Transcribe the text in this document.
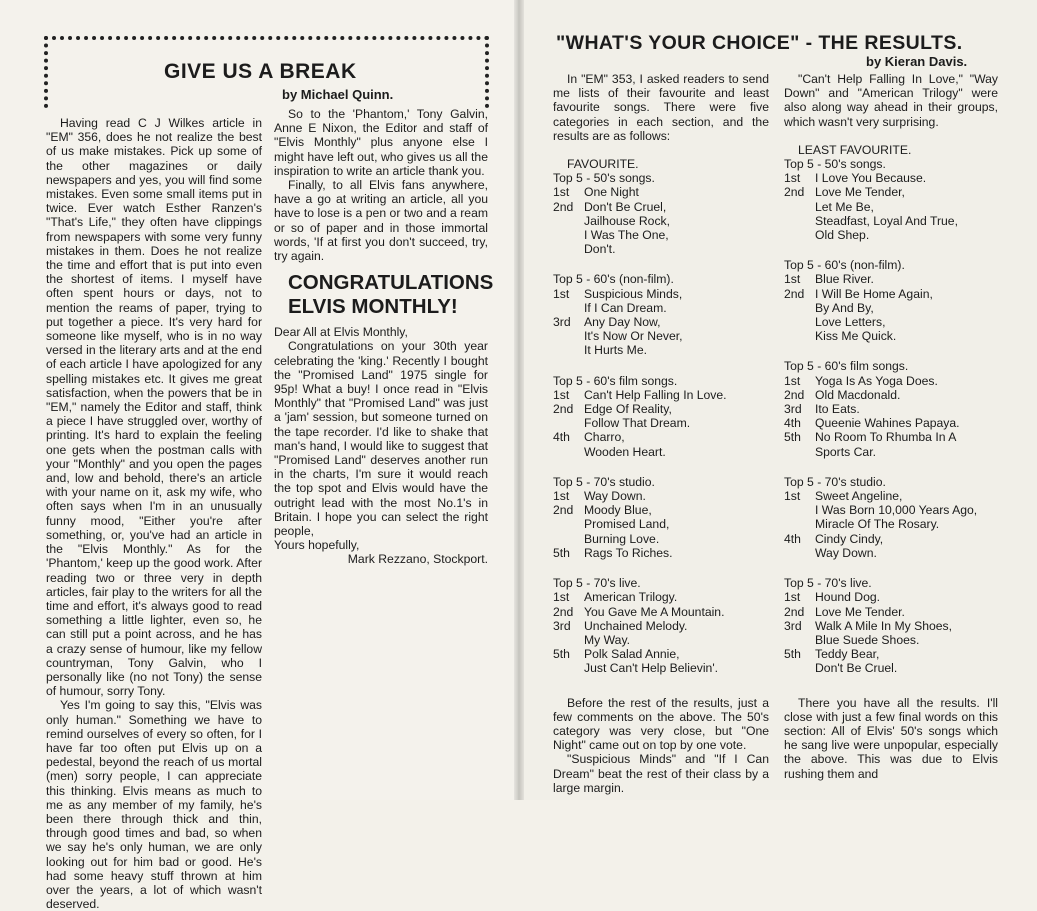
GIVE US A BREAK
by Michael Quinn.

Having read C J Wilkes article in "EM" 356, does he not realize the best of us make mistakes. Pick up some of the other magazines or daily newspapers and yes, you will find some mistakes. Even some small items put in twice. Ever watch Esther Ranzen's "That's Life," they often have clippings from newspapers with some very funny mistakes in them. Does he not realize the time and effort that is put into even the shortest of items. I myself have often spent hours or days, not to mention the reams of paper, trying to put together a piece. It's very hard for someone like myself, who is in no way versed in the literary arts and at the end of each article I have apologized for any spelling mistakes etc. It gives me great satisfaction, when the powers that be in "EM," namely the Editor and staff, think a piece I have struggled over, worthy of printing. It's hard to explain the feeling one gets when the postman calls with your "Monthly" and you open the pages and, low and behold, there's an article with your name on it, ask my wife, who often says when I'm in an unusually funny mood, "Either you're after something, or, you've had an article in the "Elvis Monthly." As for the 'Phantom,' keep up the good work. After reading two or three very in depth articles, fair play to the writers for all the time and effort, it's always good to read something a little lighter, even so, he can still put a point across, and he has a crazy sense of humour, like my fellow countryman, Tony Galvin, who I personally like (no not Tony) the sense of humour, sorry Tony.

Yes I'm going to say this, "Elvis was only human." Something we have to remind ourselves of every so often, for I have far too often put Elvis up on a pedestal, beyond the reach of us mortal (men) sorry people, I can appreciate this thinking. Elvis means as much to me as any member of my family, he's been there through thick and thin, through good times and bad, so when we say he's only human, we are only looking out for him bad or good. He's had some heavy stuff thrown at him over the years, a lot of which wasn't deserved.

So to the 'Phantom,' Tony Galvin, Anne E Nixon, the Editor and staff of "Elvis Monthly" plus anyone else I might have left out, who gives us all the inspiration to write an article thank you.

Finally, to all Elvis fans anywhere, have a go at writing an article, all you have to lose is a pen or two and a ream or so of paper and in those immortal words, 'If at first you don't succeed, try, try again.

CONGRATULATIONS

ELVIS MONTHLY!

Dear All at Elvis Monthly,

Congratulations on your 30th year celebrating the 'king.' Recently I bought the "Promised Land" 1975 single for 95p! What a buy! I once read in "Elvis Monthly" that "Promised Land" was just a 'jam' session, but someone turned on the tape recorder. I'd like to shake that man's hand, I would like to suggest that "Promised Land" deserves another run in the charts, I'm sure it would reach the top spot and Elvis would have the outright lead with the most No.1's in Britain. I hope you can select the right people,

Yours hopefully,

Mark Rezzano, Stockport.

"WHAT'S YOUR CHOICE" - THE RESULTS.
by Kieran Davis.

In "EM" 353, I asked readers to send me lists of their favourite and least favourite songs. There were five categories in each section, and the results are as follows:

FAVOURITE.

Top 5 - 50's songs.
1st One Night
2nd Don't Be Cruel,
Jailhouse Rock,
I Was The One,
Don't.
Top 5 - 60's (non-film).
1st Suspicious Minds,
If I Can Dream.
3rd Any Day Now,
It's Now Or Never,
It Hurts Me.
Top 5 - 60's film songs.
1st Can't Help Falling In Love.
2nd Edge Of Reality,
Follow That Dream.
4th Charro,
Wooden Heart.
Top 5 - 70's studio.
1st Way Down.
2nd Moody Blue,
Promised Land,
Burning Love.
5th Rags To Riches.
Top 5 - 70's live.
1st American Trilogy.
2nd You Gave Me A Mountain.
3rd Unchained Melody.
My Way.
5th Polk Salad Annie,
Just Can't Help Believin'.

Before the rest of the results, just a few comments on the above. The 50's category was very close, but "One Night" came out on top by one vote.

"Suspicious Minds" and "If I Can Dream" beat the rest of their class by a large margin.

"Can't Help Falling In Love," "Way Down" and "American Trilogy" were also along way ahead in their groups, which wasn't very surprising.

LEAST FAVOURITE.

Top 5 - 50's songs.
1st I Love You Because.
2nd Love Me Tender,
Let Me Be,
Steadfast, Loyal And True,
Old Shep.
Top 5 - 60's (non-film).
1st Blue River.
2nd I Will Be Home Again,
By And By,
Love Letters,
Kiss Me Quick.
Top 5 - 60's film songs.
1st Yoga Is As Yoga Does.
2nd Old Macdonald.
3rd Ito Eats.
4th Queenie Wahines Papaya.
5th No Room To Rhumba In A
Sports Car.
Top 5 - 70's studio.
1st Sweet Angeline,
I Was Born 10,000 Years Ago,
Miracle Of The Rosary.
4th Cindy Cindy,
Way Down.
Top 5 - 70's live.
1st Hound Dog.
2nd Love Me Tender.
3rd Walk A Mile In My Shoes,
Blue Suede Shoes.
5th Teddy Bear,
Don't Be Cruel.

There you have all the results. I'll close with just a few final words on this section: All of Elvis' 50's songs which he sang live were unpopular, especially the above. This was due to Elvis rushing them and
